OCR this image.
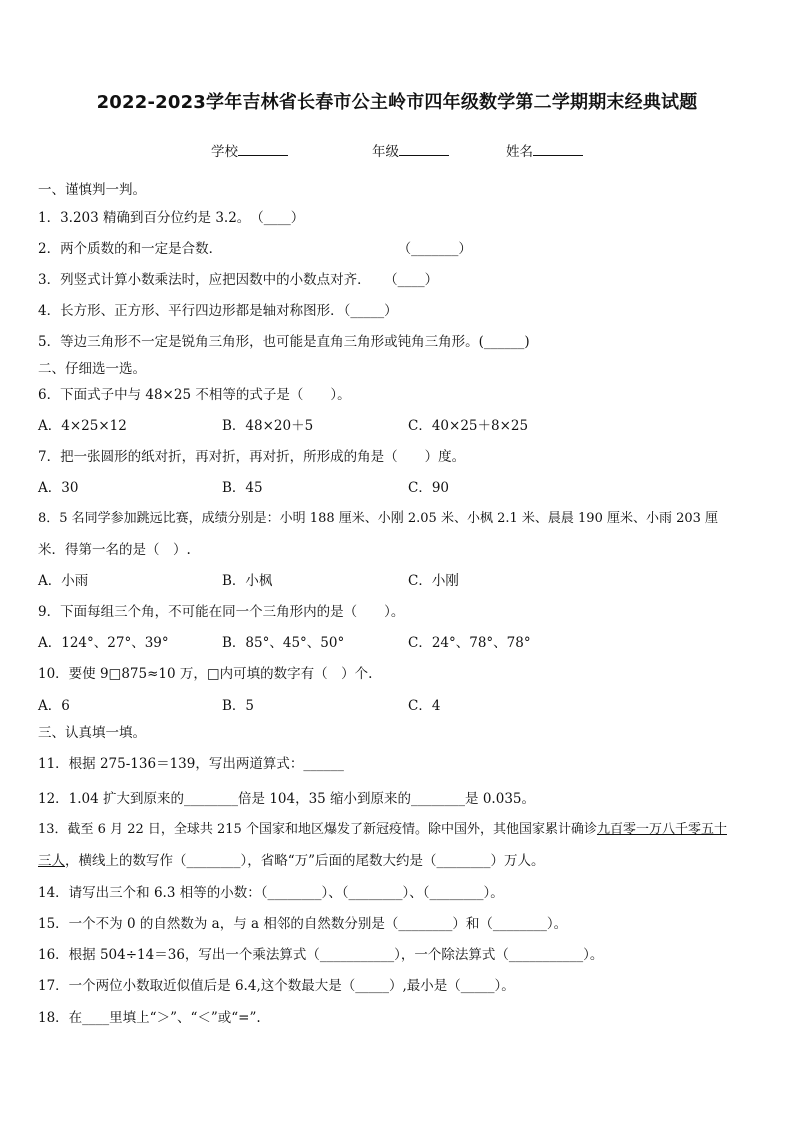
2022-2023学年吉林省长春市公主岭市四年级数学第二学期期末经典试题
学校	年级	姓名
一、谨慎判一判。
1．3.203 精确到百分位约是 3.2。　（____）
2．两个质数的和一定是合数．　　　　　　　　　　　　　　（_______）
3．列竖式计算小数乘法时，应把因数中的小数点对齐．　　（____）
4．长方形、正方形、平行四边形都是轴对称图形．（_____）
5．等边三角形不一定是锐角三角形，也可能是直角三角形或钝角三角形。(______)
二、仔细选一选。
6．下面式子中与 48×25 不相等的式子是（　　）。
A．4×25×12	B．48×20＋5	C．40×25＋8×25
7．把一张圆形的纸对折，再对折，再对折，所形成的角是（　　）度。
A．30	B．45	C．90
8．5 名同学参加跳远比赛，成绩分别是：小明 188 厘米、小刚 2.05 米、小枫 2.1 米、晨晨 190 厘米、小雨 203 厘
米．得第一名的是（　）.
A．小雨	B．小枫	C．小刚
9．下面每组三个角，不可能在同一个三角形内的是（　　）。
A．124°、27°、39°	B．85°、45°、50°	C．24°、78°、78°
10．要使 9□875≈10 万，□内可填的数字有（　）个.
A．6	B．5	C．4
三、认真填一填。
11．根据 275-136＝139，写出两道算式：______
12．1.04 扩大到原来的________倍是 104，35 缩小到原来的________是 0.035。
13．截至 6 月 22 日，全球共 215 个国家和地区爆发了新冠疫情。除中国外，其他国家累计确诊九百零一万八千零五十
三人，横线上的数写作（________），省略“万”后面的尾数大约是（________）万人。
14．请写出三个和 6.3 相等的小数：（________）、（________）、（________）。
15．一个不为 0 的自然数为 a，与 a 相邻的自然数分别是（________）和（________）。
16．根据 504÷14＝36，写出一个乘法算式（___________），一个除法算式（___________）。
17．一个两位小数取近似值后是 6.4,这个数最大是（_____）,最小是（_____）。
18．在____里填上“＞”、“＜”或“=”.
